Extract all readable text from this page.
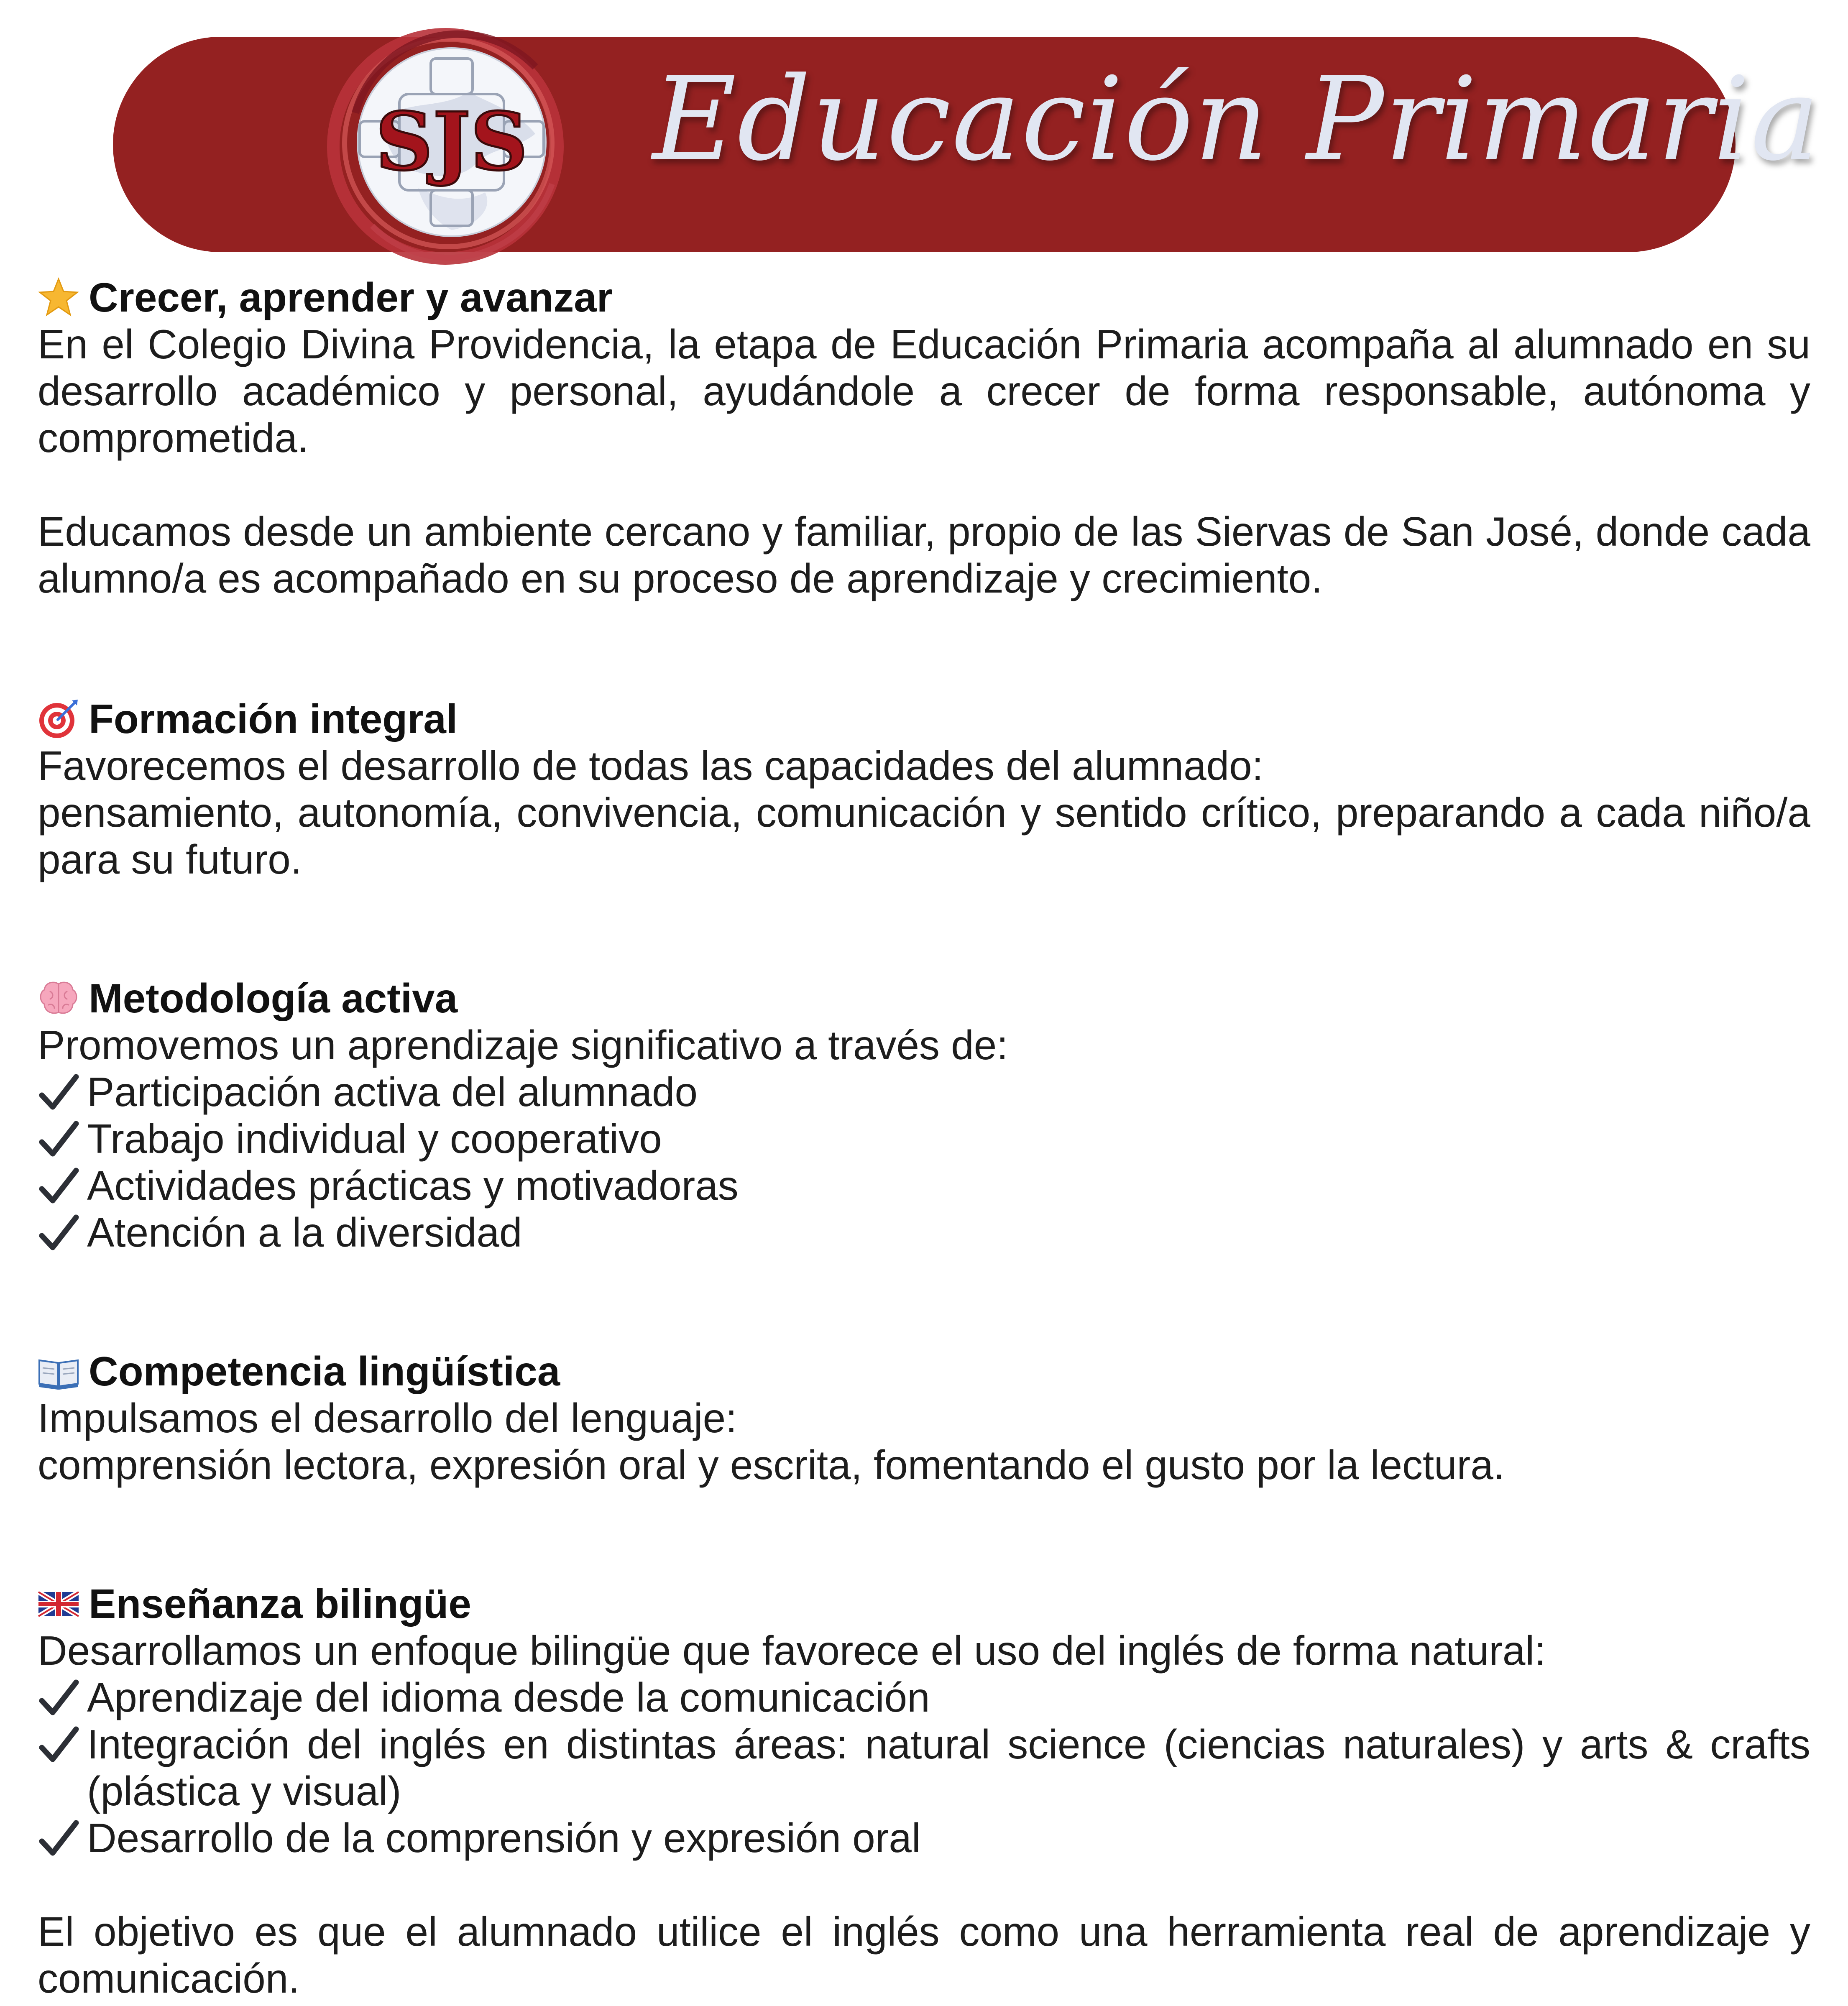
SJS Educación Primaria
Crecer, aprender y avanzar

En el Colegio Divina Providencia, la etapa de Educación Primaria acompaña al alumnado en su desarrollo académico y personal, ayudándole a crecer de forma responsable, autónoma y comprometida.

Educamos desde un ambiente cercano y familiar, propio de las Siervas de San José, donde cada alumno/a es acompañado en su proceso de aprendizaje y crecimiento.

Formación integral

Favorecemos el desarrollo de todas las capacidades del alumnado:

pensamiento, autonomía, convivencia, comunicación y sentido crítico, preparando a cada niño/a para su futuro.

Metodología activa

Promovemos un aprendizaje significativo a través de:

Participación activa del alumnado
Trabajo individual y cooperativo
Actividades prácticas y motivadoras
Atención a la diversidad
Competencia lingüística

Impulsamos el desarrollo del lenguaje:

comprensión lectora, expresión oral y escrita, fomentando el gusto por la lectura.

Enseñanza bilingüe

Desarrollamos un enfoque bilingüe que favorece el uso del inglés de forma natural:

Aprendizaje del idioma desde la comunicación
Integración del inglés en distintas áreas: natural science (ciencias naturales) y arts & crafts (plástica y visual)
Desarrollo de la comprensión y expresión oral

El objetivo es que el alumnado utilice el inglés como una herramienta real de aprendizaje y comunicación.
